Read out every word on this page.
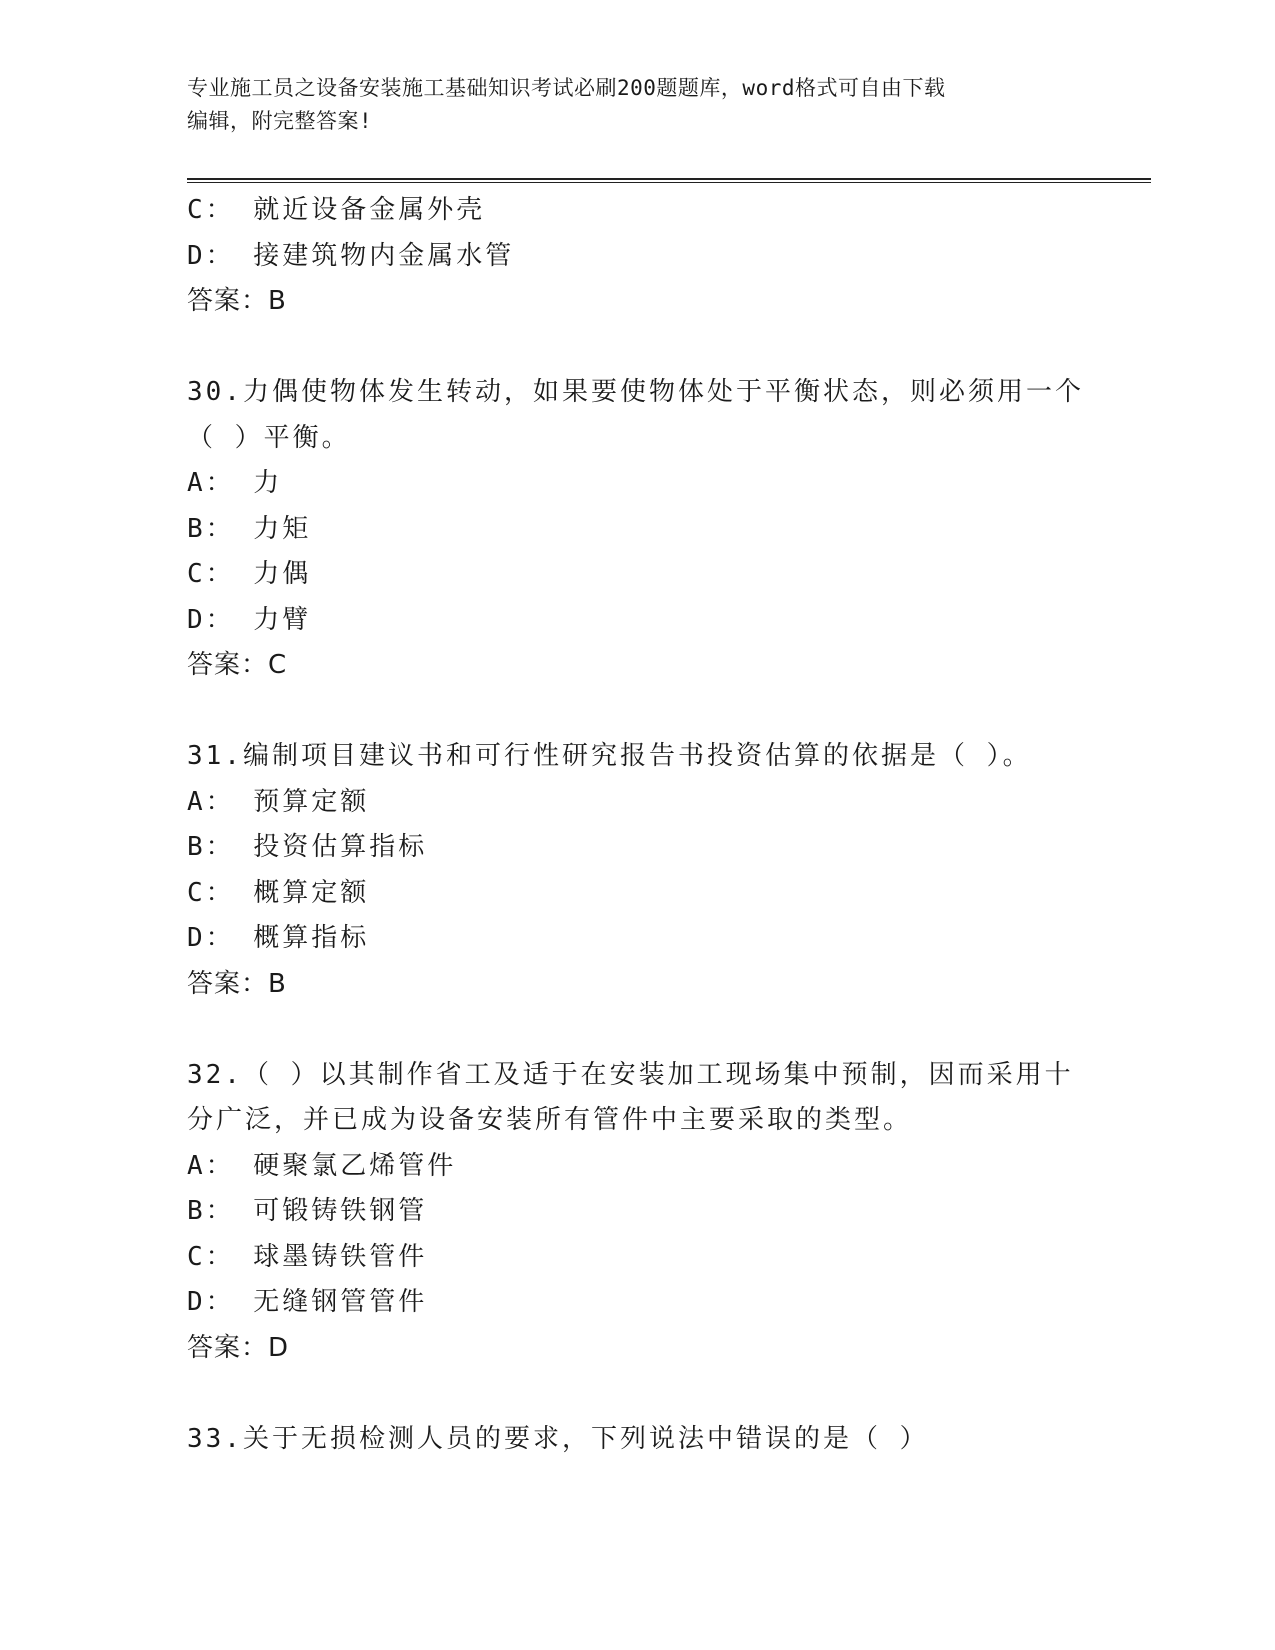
专业施工员之设备安装施工基础知识考试必刷200题题库，word格式可自由下载
编辑，附完整答案!
C： 就近设备金属外壳
D： 接建筑物内金属水管
答案：B
30.力偶使物体发生转动，如果要使物体处于平衡状态，则必须用一个
（ ）平衡。
A： 力
B： 力矩
C： 力偶
D： 力臂
答案：C
31.编制项目建议书和可行性研究报告书投资估算的依据是（ ）。
A： 预算定额
B： 投资估算指标
C： 概算定额
D： 概算指标
答案：B
32.（ ）以其制作省工及适于在安装加工现场集中预制，因而采用十
分广泛，并已成为设备安装所有管件中主要采取的类型。
A： 硬聚氯乙烯管件
B： 可锻铸铁钢管
C： 球墨铸铁管件
D： 无缝钢管管件
答案：D
33.关于无损检测人员的要求，下列说法中错误的是（ ）
